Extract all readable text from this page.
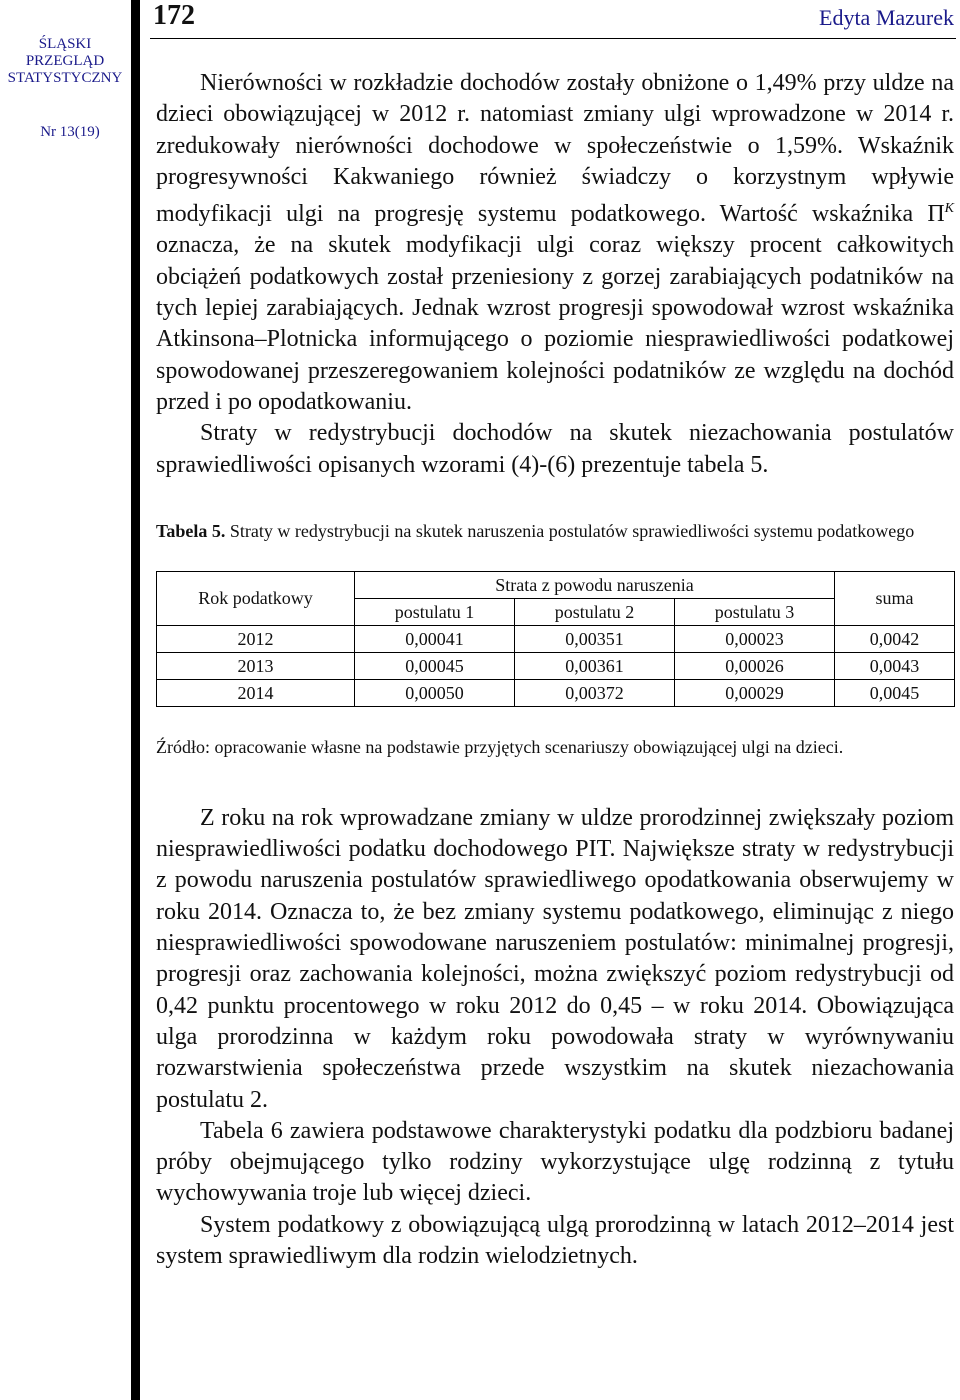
ŚLĄSKI
PRZEGLĄD
STATYSTYCZNY
Nr 13(19)
172	Edyta Mazurek

Nierówności w rozkładzie dochodów zostały obniżone o 1,49% przy uldze na dzieci obowiązującej w 2012 r. natomiast zmiany ulgi wprowadzone w 2014 r. zredukowały nierówności dochodowe w społeczeństwie o 1,59%. Wskaźnik progresywności Kakwaniego również świadczy o korzystnym wpływie modyfikacji ulgi na progresję systemu podatkowego. Wartość wskaźnika $\Pi^K$ oznacza, że na skutek modyfikacji ulgi coraz większy procent całkowitych obciążeń podatkowych został przeniesiony z gorzej zarabiających podatników na tych lepiej zarabiających. Jednak wzrost progresji spowodował wzrost wskaźnika Atkinsona–Plotnicka informującego o poziomie niesprawiedliwości podatkowej spowodowanej przeszeregowaniem kolejności podatników ze względu na dochód przed i po opodatkowaniu.

Straty w redystrybucji dochodów na skutek niezachowania postulatów sprawiedliwości opisanych wzorami (4)-(6) prezentuje tabela 5.

Tabela 5. Straty w redystrybucji na skutek naruszenia postulatów sprawiedliwości systemu podatkowego
Rok podatkowy	Strata z powodu naruszenia			suma
	postulatu 1	postulatu 2	postulatu 3	
2012	0,00041	0,00351	0,00023	0,0042
2013	0,00045	0,00361	0,00026	0,0043
2014	0,00050	0,00372	0,00029	0,0045
Źródło: opracowanie własne na podstawie przyjętych scenariuszy obowiązującej ulgi na dzieci.

Z roku na rok wprowadzane zmiany w uldze prorodzinnej zwiększały poziom niesprawiedliwości podatku dochodowego PIT. Największe straty w redystrybucji z powodu naruszenia postulatów sprawiedliwego opodatkowania obserwujemy w roku 2014. Oznacza to, że bez zmiany systemu podatkowego, eliminując z niego niesprawiedliwości spowodowane naruszeniem postulatów: minimalnej progresji, progresji oraz zachowania kolejności, można zwiększyć poziom redystrybucji od 0,42 punktu procentowego w roku 2012 do 0,45 – w roku 2014. Obowiązująca ulga prorodzinna w każdym roku powodowała straty w wyrównywaniu rozwarstwienia społeczeństwa przede wszystkim na skutek niezachowania postulatu 2.

Tabela 6 zawiera podstawowe charakterystyki podatku dla podzbioru badanej próby obejmującego tylko rodziny wykorzystujące ulgę rodzinną z tytułu wychowywania troje lub więcej dzieci.

System podatkowy z obowiązującą ulgą prorodzinną w latach 2012–2014 jest system sprawiedliwym dla rodzin wielodzietnych.
